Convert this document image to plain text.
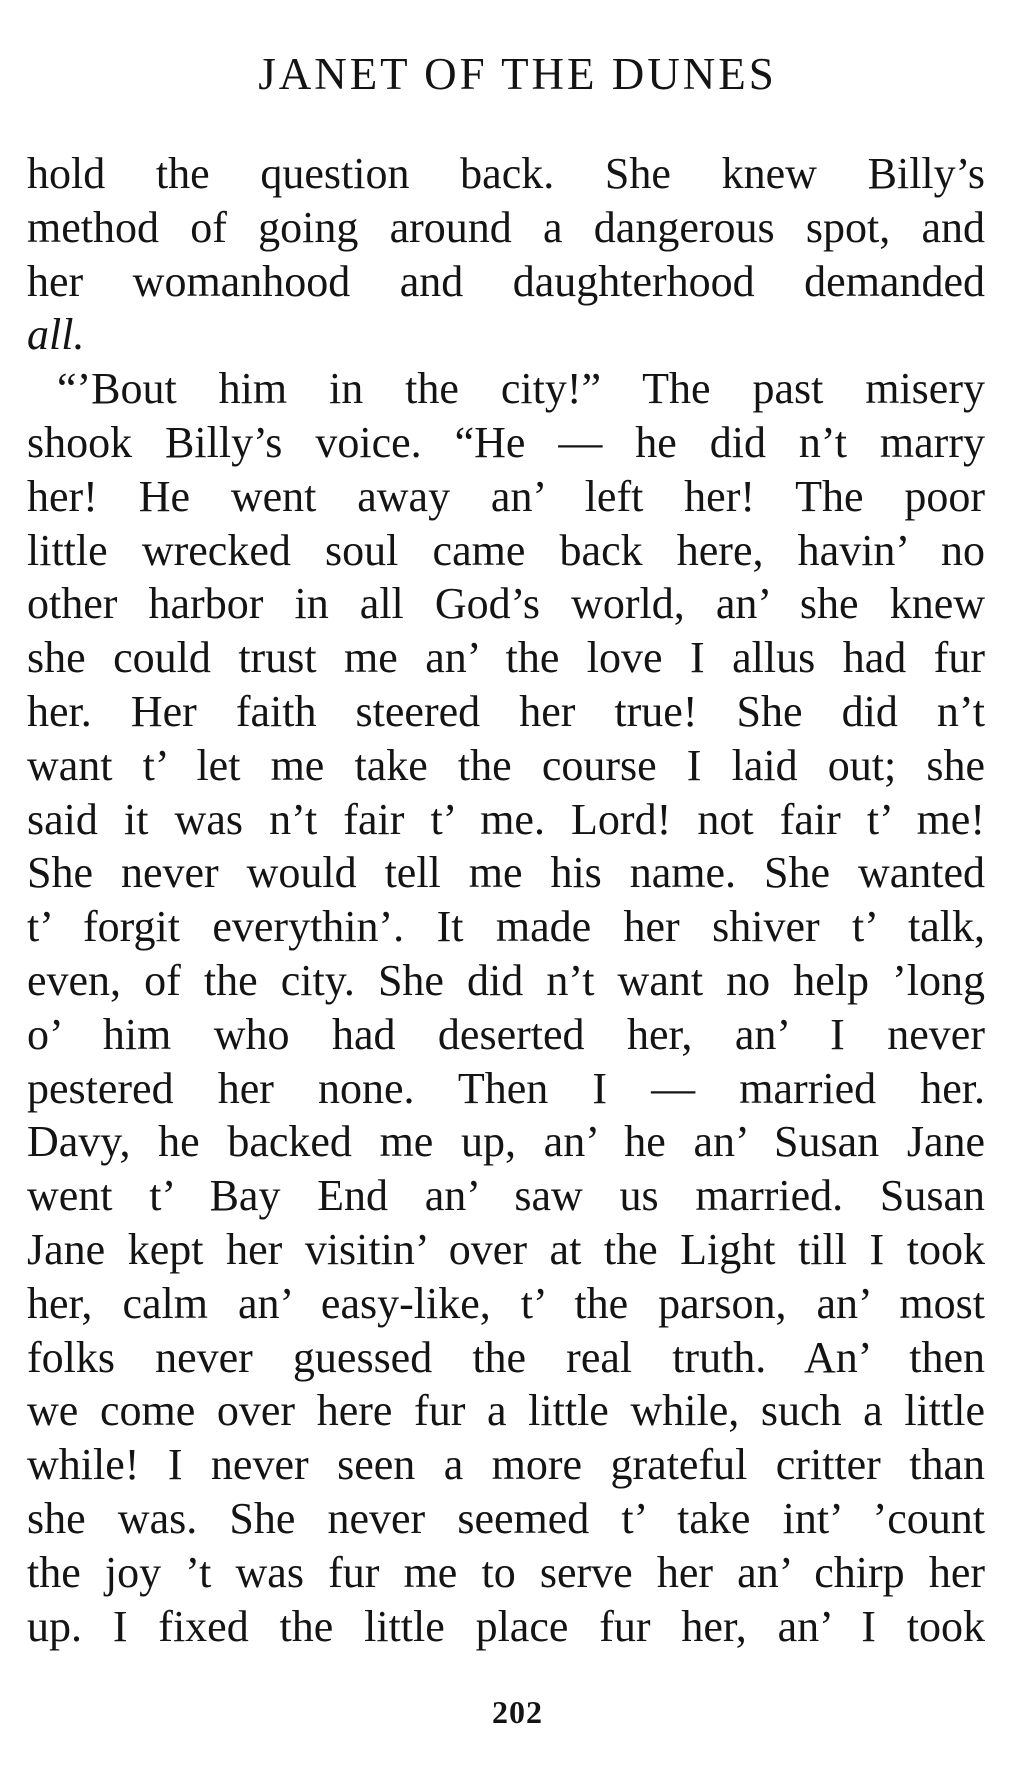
JANET OF THE DUNES
hold the question back. She knew Billy’s
method of going around a dangerous spot, and
her womanhood and daughterhood demanded
all.
“’Bout him in the city!” The past misery
shook Billy’s voice. “He — he did n’t marry
her! He went away an’ left her! The poor
little wrecked soul came back here, havin’ no
other harbor in all God’s world, an’ she knew
she could trust me an’ the love I allus had fur
her. Her faith steered her true! She did n’t
want t’ let me take the course I laid out; she
said it was n’t fair t’ me. Lord! not fair t’ me!
She never would tell me his name. She wanted
t’ forgit everythin’. It made her shiver t’ talk,
even, of the city. She did n’t want no help ’long
o’ him who had deserted her, an’ I never
pestered her none. Then I — married her.
Davy, he backed me up, an’ he an’ Susan Jane
went t’ Bay End an’ saw us married. Susan
Jane kept her visitin’ over at the Light till I took
her, calm an’ easy-like, t’ the parson, an’ most
folks never guessed the real truth. An’ then
we come over here fur a little while, such a little
while! I never seen a more grateful critter than
she was. She never seemed t’ take int’ ’count
the joy ’t was fur me to serve her an’ chirp her
up. I fixed the little place fur her, an’ I took
202
